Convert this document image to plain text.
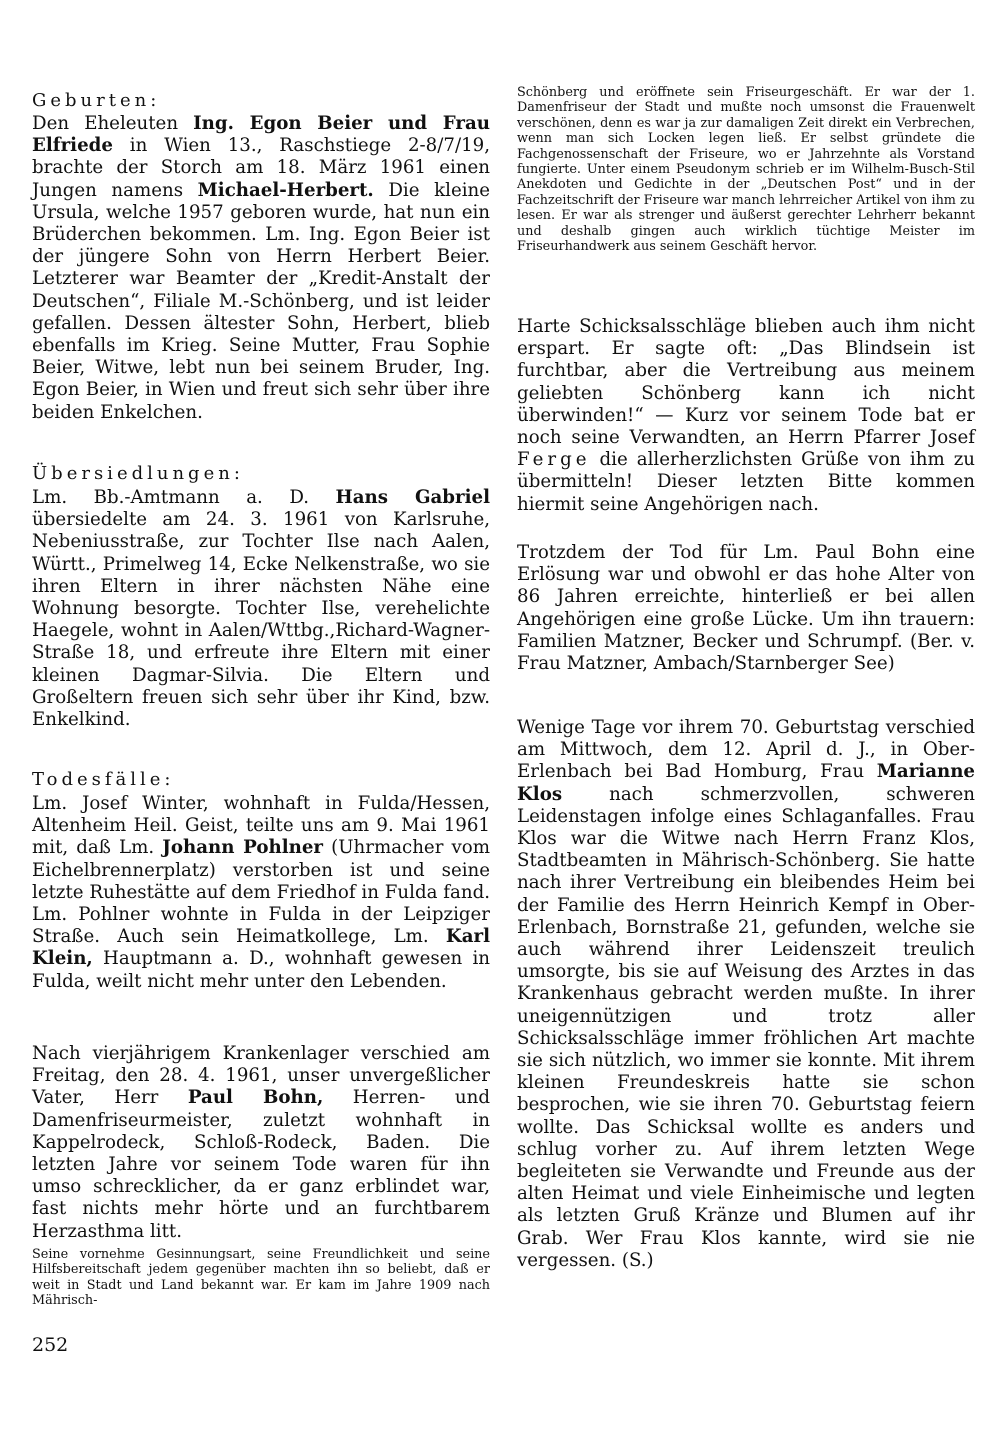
Geburten:

Den Eheleuten Ing. Egon Beier und Frau Elfriede in Wien 13., Raschstiege 2-8/7/19, brachte der Storch am 18. März 1961 einen Jungen namens Michael-Herbert. Die kleine Ursula, welche 1957 geboren wurde, hat nun ein Brüderchen bekommen. Lm. Ing. Egon Beier ist der jüngere Sohn von Herrn Herbert Beier. Letzterer war Beamter der „Kredit-Anstalt der Deutschen“, Filiale M.-Schönberg, und ist leider gefallen. Dessen ältester Sohn, Herbert, blieb ebenfalls im Krieg. Seine Mutter, Frau Sophie Beier, Witwe, lebt nun bei seinem Bruder, Ing. Egon Beier, in Wien und freut sich sehr über ihre beiden Enkelchen.

Übersiedlungen:

Lm. Bb.-Amtmann a. D. Hans Gabriel übersiedelte am 24. 3. 1961 von Karlsruhe, Nebeniusstraße, zur Tochter Ilse nach Aalen, Württ., Primelweg 14, Ecke Nelkenstraße, wo sie ihren Eltern in ihrer nächsten Nähe eine Wohnung besorgte. Tochter Ilse, verehelichte Haegele, wohnt in Aalen/Wttbg.,Richard-Wagner-Straße 18, und erfreute ihre Eltern mit einer kleinen Dagmar-Silvia. Die Eltern und Großeltern freuen sich sehr über ihr Kind, bzw. Enkelkind.

Todesfälle:

Lm. Josef Winter, wohnhaft in Fulda/Hessen, Altenheim Heil. Geist, teilte uns am 9. Mai 1961 mit, daß Lm. Johann Pohlner (Uhrmacher vom Eichelbrennerplatz) verstorben ist und seine letzte Ruhestätte auf dem Friedhof in Fulda fand. Lm. Pohlner wohnte in Fulda in der Leipziger Straße. Auch sein Heimatkollege, Lm. Karl Klein, Hauptmann a. D., wohnhaft gewesen in Fulda, weilt nicht mehr unter den Lebenden.

Nach vierjährigem Krankenlager verschied am Freitag, den 28. 4. 1961, unser unvergeßlicher Vater, Herr Paul Bohn, Herren- und Damenfriseurmeister, zuletzt wohnhaft in Kappelrodeck, Schloß-Rodeck, Baden. Die letzten Jahre vor seinem Tode waren für ihn umso schrecklicher, da er ganz erblindet war, fast nichts mehr hörte und an furchtbarem Herzasthma litt.

Seine vornehme Gesinnungsart, seine Freundlichkeit und seine Hilfsbereitschaft jedem gegenüber machten ihn so beliebt, daß er weit in Stadt und Land bekannt war. Er kam im Jahre 1909 nach Mährisch-

Schönberg und eröffnete sein Friseurgeschäft. Er war der 1. Damenfriseur der Stadt und mußte noch umsonst die Frauenwelt verschönen, denn es war ja zur damaligen Zeit direkt ein Verbrechen, wenn man sich Locken legen ließ. Er selbst gründete die Fachgenossenschaft der Friseure, wo er Jahrzehnte als Vorstand fungierte. Unter einem Pseudonym schrieb er im Wilhelm-Busch-Stil Anekdoten und Gedichte in der „Deutschen Post“ und in der Fachzeitschrift der Friseure war manch lehrreicher Artikel von ihm zu lesen. Er war als strenger und äußerst gerechter Lehrherr bekannt und deshalb gingen auch wirklich tüchtige Meister im Friseurhandwerk aus seinem Geschäft hervor.

Harte Schicksalsschläge blieben auch ihm nicht erspart. Er sagte oft: „Das Blindsein ist furchtbar, aber die Vertreibung aus meinem geliebten Schönberg kann ich nicht überwinden!“ — Kurz vor seinem Tode bat er noch seine Verwandten, an Herrn Pfarrer Josef Ferge die allerherzlichsten Grüße von ihm zu übermitteln! Dieser letzten Bitte kommen hiermit seine Angehörigen nach.

Trotzdem der Tod für Lm. Paul Bohn eine Erlösung war und obwohl er das hohe Alter von 86 Jahren erreichte, hinterließ er bei allen Angehörigen eine große Lücke. Um ihn trauern: Familien Matzner, Becker und Schrumpf. (Ber. v. Frau Matzner, Ambach/Starnberger See)

Wenige Tage vor ihrem 70. Geburtstag verschied am Mittwoch, dem 12. April d. J., in Ober-Erlenbach bei Bad Homburg, Frau Marianne Klos nach schmerzvollen, schweren Leidenstagen infolge eines Schlaganfalles. Frau Klos war die Witwe nach Herrn Franz Klos, Stadtbeamten in Mährisch-Schönberg. Sie hatte nach ihrer Vertreibung ein bleibendes Heim bei der Familie des Herrn Heinrich Kempf in Ober-Erlenbach, Bornstraße 21, gefunden, welche sie auch während ihrer Leidenszeit treulich umsorgte, bis sie auf Weisung des Arztes in das Krankenhaus gebracht werden mußte. In ihrer uneigennützigen und trotz aller Schicksalsschläge immer fröhlichen Art machte sie sich nützlich, wo immer sie konnte. Mit ihrem kleinen Freundeskreis hatte sie schon besprochen, wie sie ihren 70. Geburtstag feiern wollte. Das Schicksal wollte es anders und schlug vorher zu. Auf ihrem letzten Wege begleiteten sie Verwandte und Freunde aus der alten Heimat und viele Einheimische und legten als letzten Gruß Kränze und Blumen auf ihr Grab. Wer Frau Klos kannte, wird sie nie vergessen. (S.)

252
